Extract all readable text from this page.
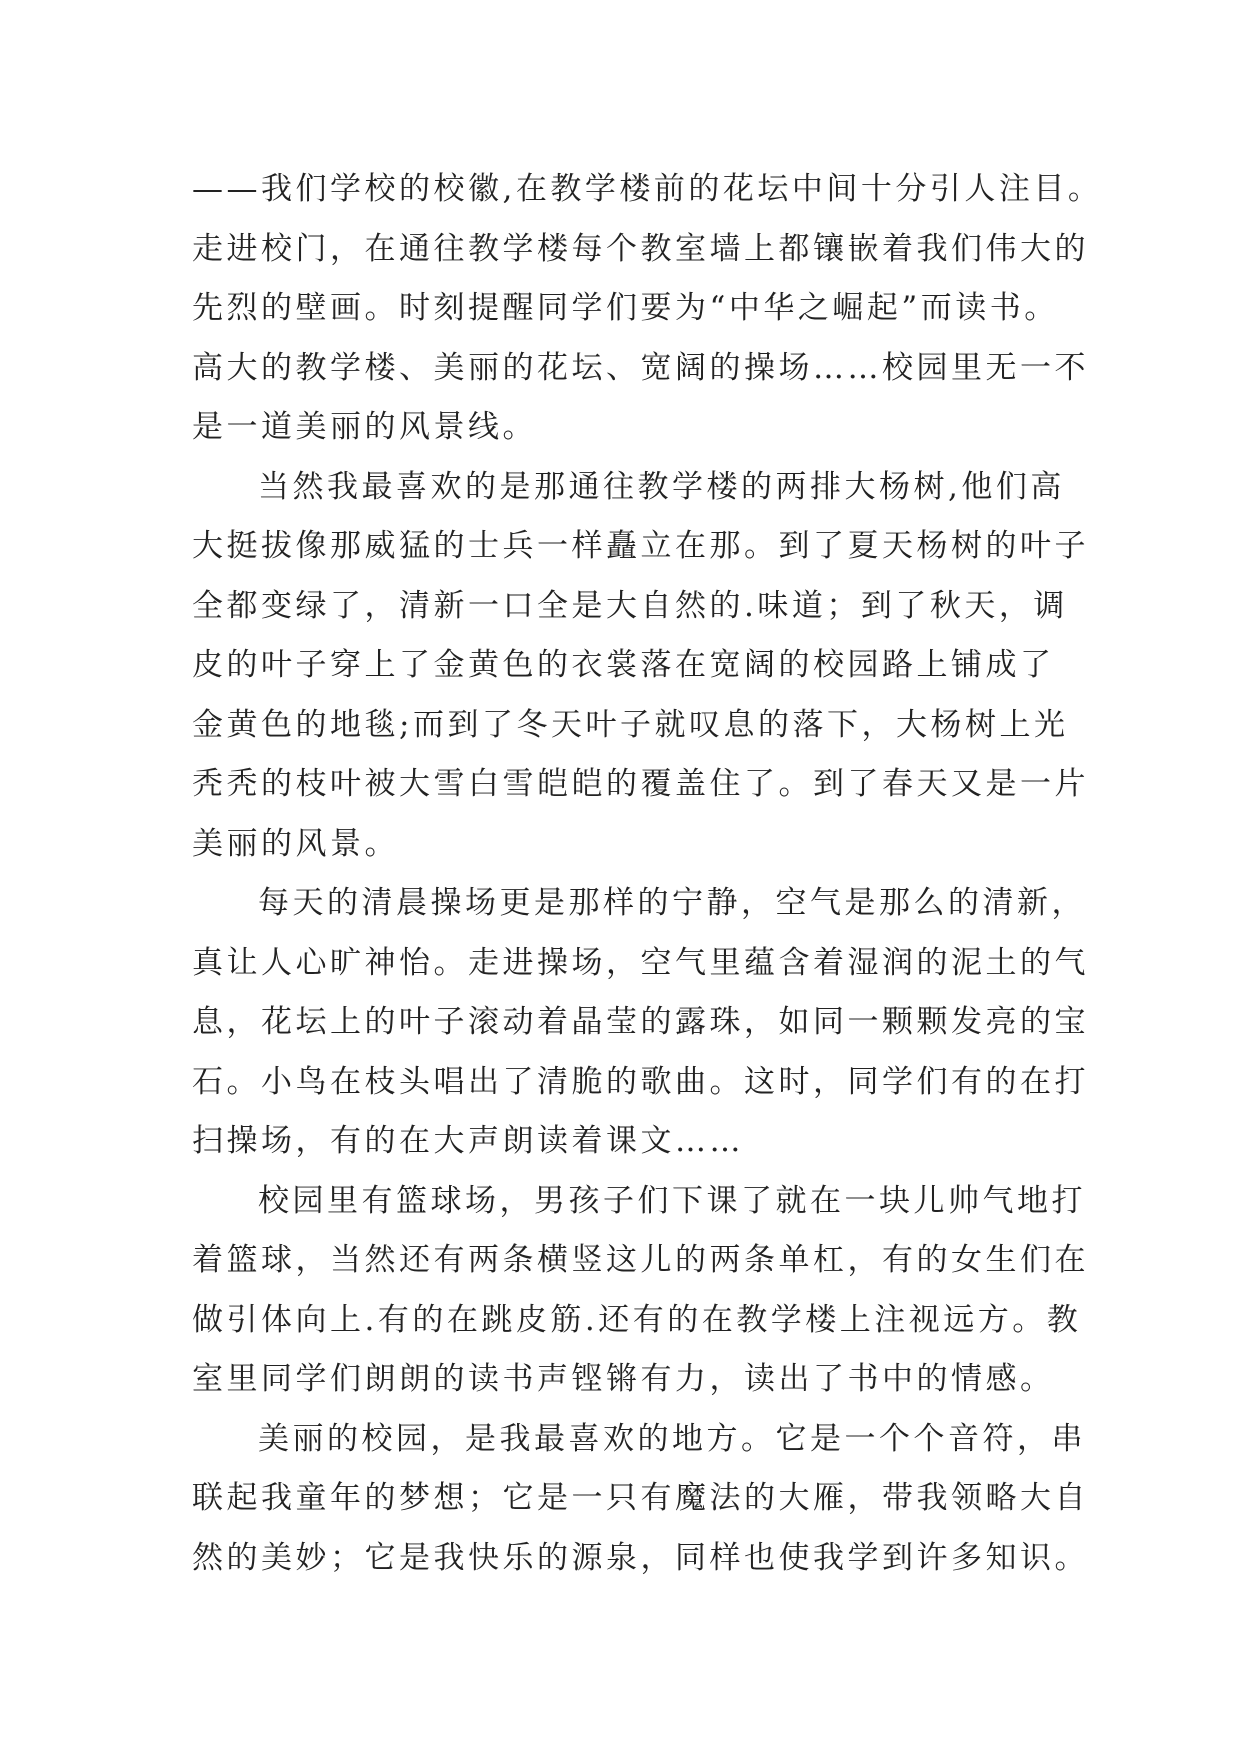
——我们学校的校徽,在教学楼前的花坛中间十分引人注目。
走进校门，在通往教学楼每个教室墙上都镶嵌着我们伟大的
先烈的壁画。时刻提醒同学们要为“中华之崛起”而读书。
高大的教学楼、美丽的花坛、宽阔的操场……校园里无一不
是一道美丽的风景线。
当然我最喜欢的是那通往教学楼的两排大杨树,他们高
大挺拔像那威猛的士兵一样矗立在那。到了夏天杨树的叶子
全都变绿了，清新一口全是大自然的.味道；到了秋天，调
皮的叶子穿上了金黄色的衣裳落在宽阔的校园路上铺成了
金黄色的地毯;而到了冬天叶子就叹息的落下，大杨树上光
秃秃的枝叶被大雪白雪皑皑的覆盖住了。到了春天又是一片
美丽的风景。
每天的清晨操场更是那样的宁静，空气是那么的清新，
真让人心旷神怡。走进操场，空气里蕴含着湿润的泥土的气
息，花坛上的叶子滚动着晶莹的露珠，如同一颗颗发亮的宝
石。小鸟在枝头唱出了清脆的歌曲。这时，同学们有的在打
扫操场，有的在大声朗读着课文……
校园里有篮球场，男孩子们下课了就在一块儿帅气地打
着篮球，当然还有两条横竖这儿的两条单杠，有的女生们在
做引体向上.有的在跳皮筋.还有的在教学楼上注视远方。教
室里同学们朗朗的读书声铿锵有力，读出了书中的情感。
美丽的校园，是我最喜欢的地方。它是一个个音符，串
联起我童年的梦想；它是一只有魔法的大雁，带我领略大自
然的美妙；它是我快乐的源泉，同样也使我学到许多知识。
